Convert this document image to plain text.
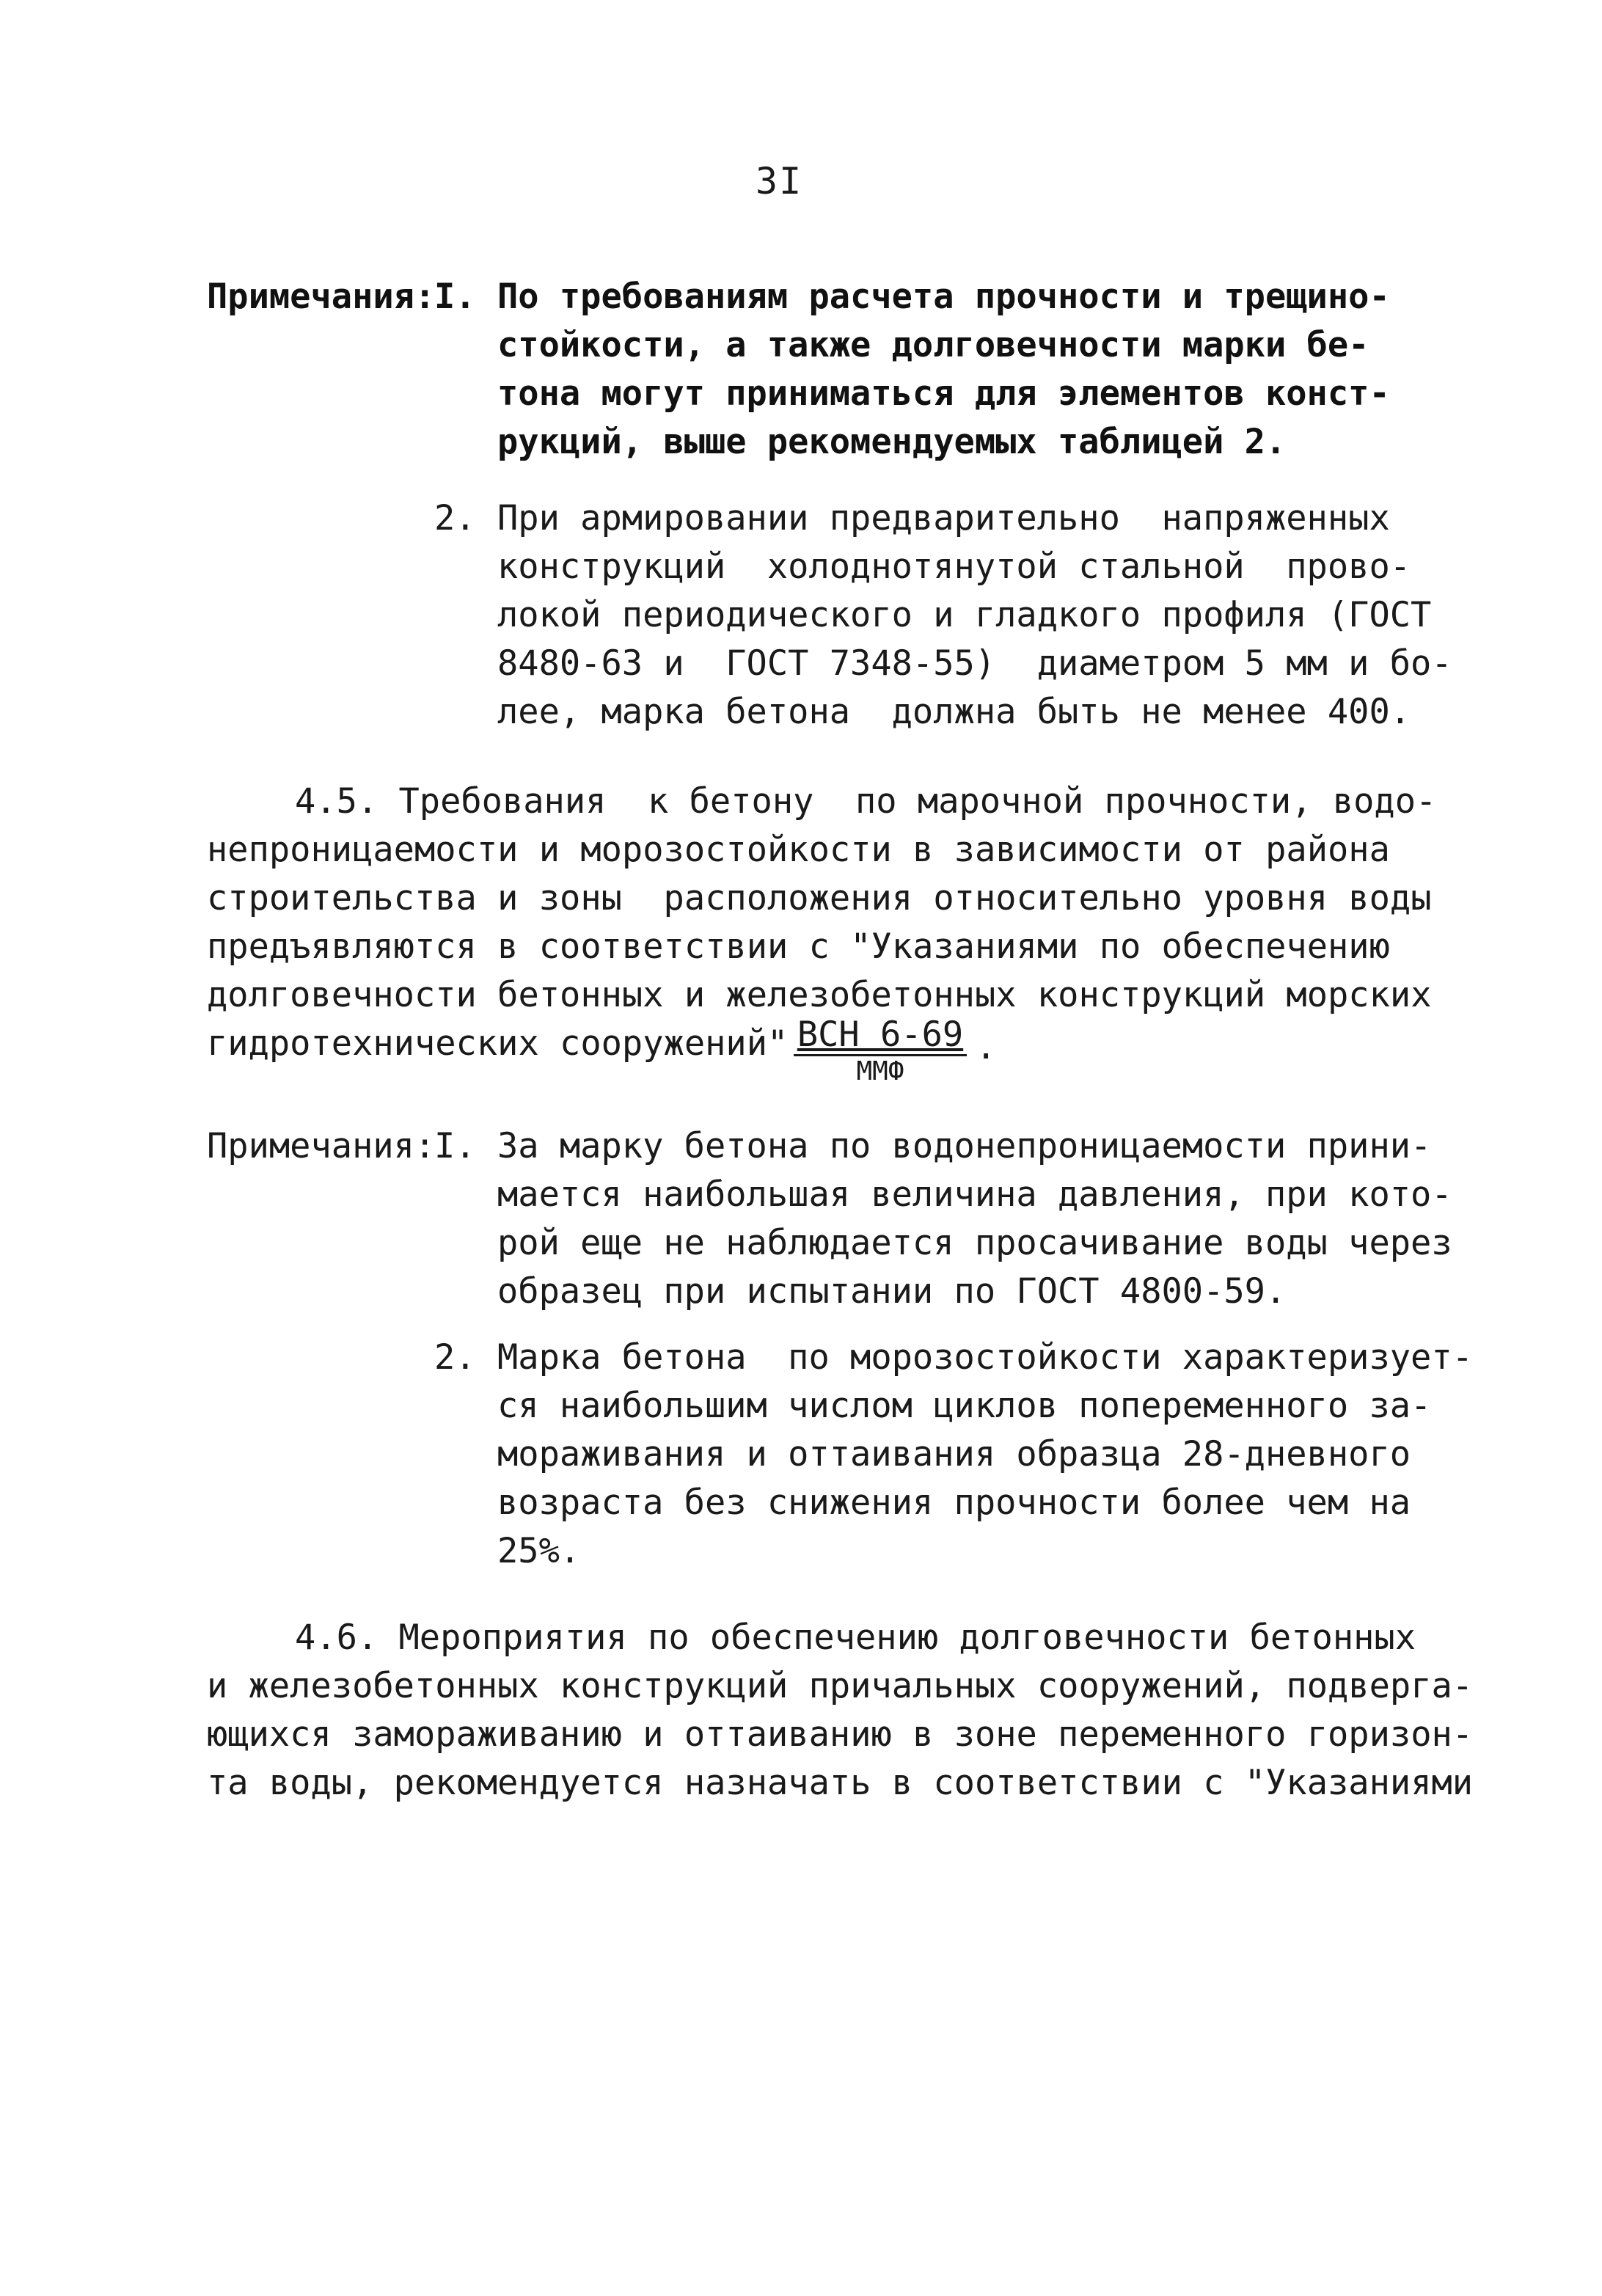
3I
Примечания:
I. По требованиям расчета прочности и трещино-
стойкости, а также долговечности марки бе-
тона могут приниматься для элементов конст-
рукций, выше рекомендуемых таблицей 2.
2. При армировании предварительно  напряженных
конструкций  холоднотянутой стальной  прово-
локой периодического и гладкого профиля (ГОСТ
8480-63 и  ГОСТ 7348-55)  диаметром 5 мм и бо-
лее, марка бетона  должна быть не менее 400.
4.5. Требования  к бетону  по марочной прочности, водо-
непроницаемости и морозостойкости в зависимости от района
строительства и зоны  расположения относительно уровня воды
предъявляются в соответствии с "Указаниями по обеспечению
долговечности бетонных и железобетонных конструкций морских
гидротехнических сооружений" ВСН 6-69
ММФ
.
Примечания:
I. За марку бетона по водонепроницаемости прини-
мается наибольшая величина давления, при кото-
рой еще не наблюдается просачивание воды через
образец при испытании по ГОСТ 4800-59.
2. Марка бетона  по морозостойкости характеризует-
ся наибольшим числом циклов попеременного за-
мораживания и оттаивания образца 28-дневного
возраста без снижения прочности более чем на
25%.
4.6. Мероприятия по обеспечению долговечности бетонных
и железобетонных конструкций причальных сооружений, подверга-
ющихся замораживанию и оттаиванию в зоне переменного горизон-
та воды, рекомендуется назначать в соответствии с "Указаниями
